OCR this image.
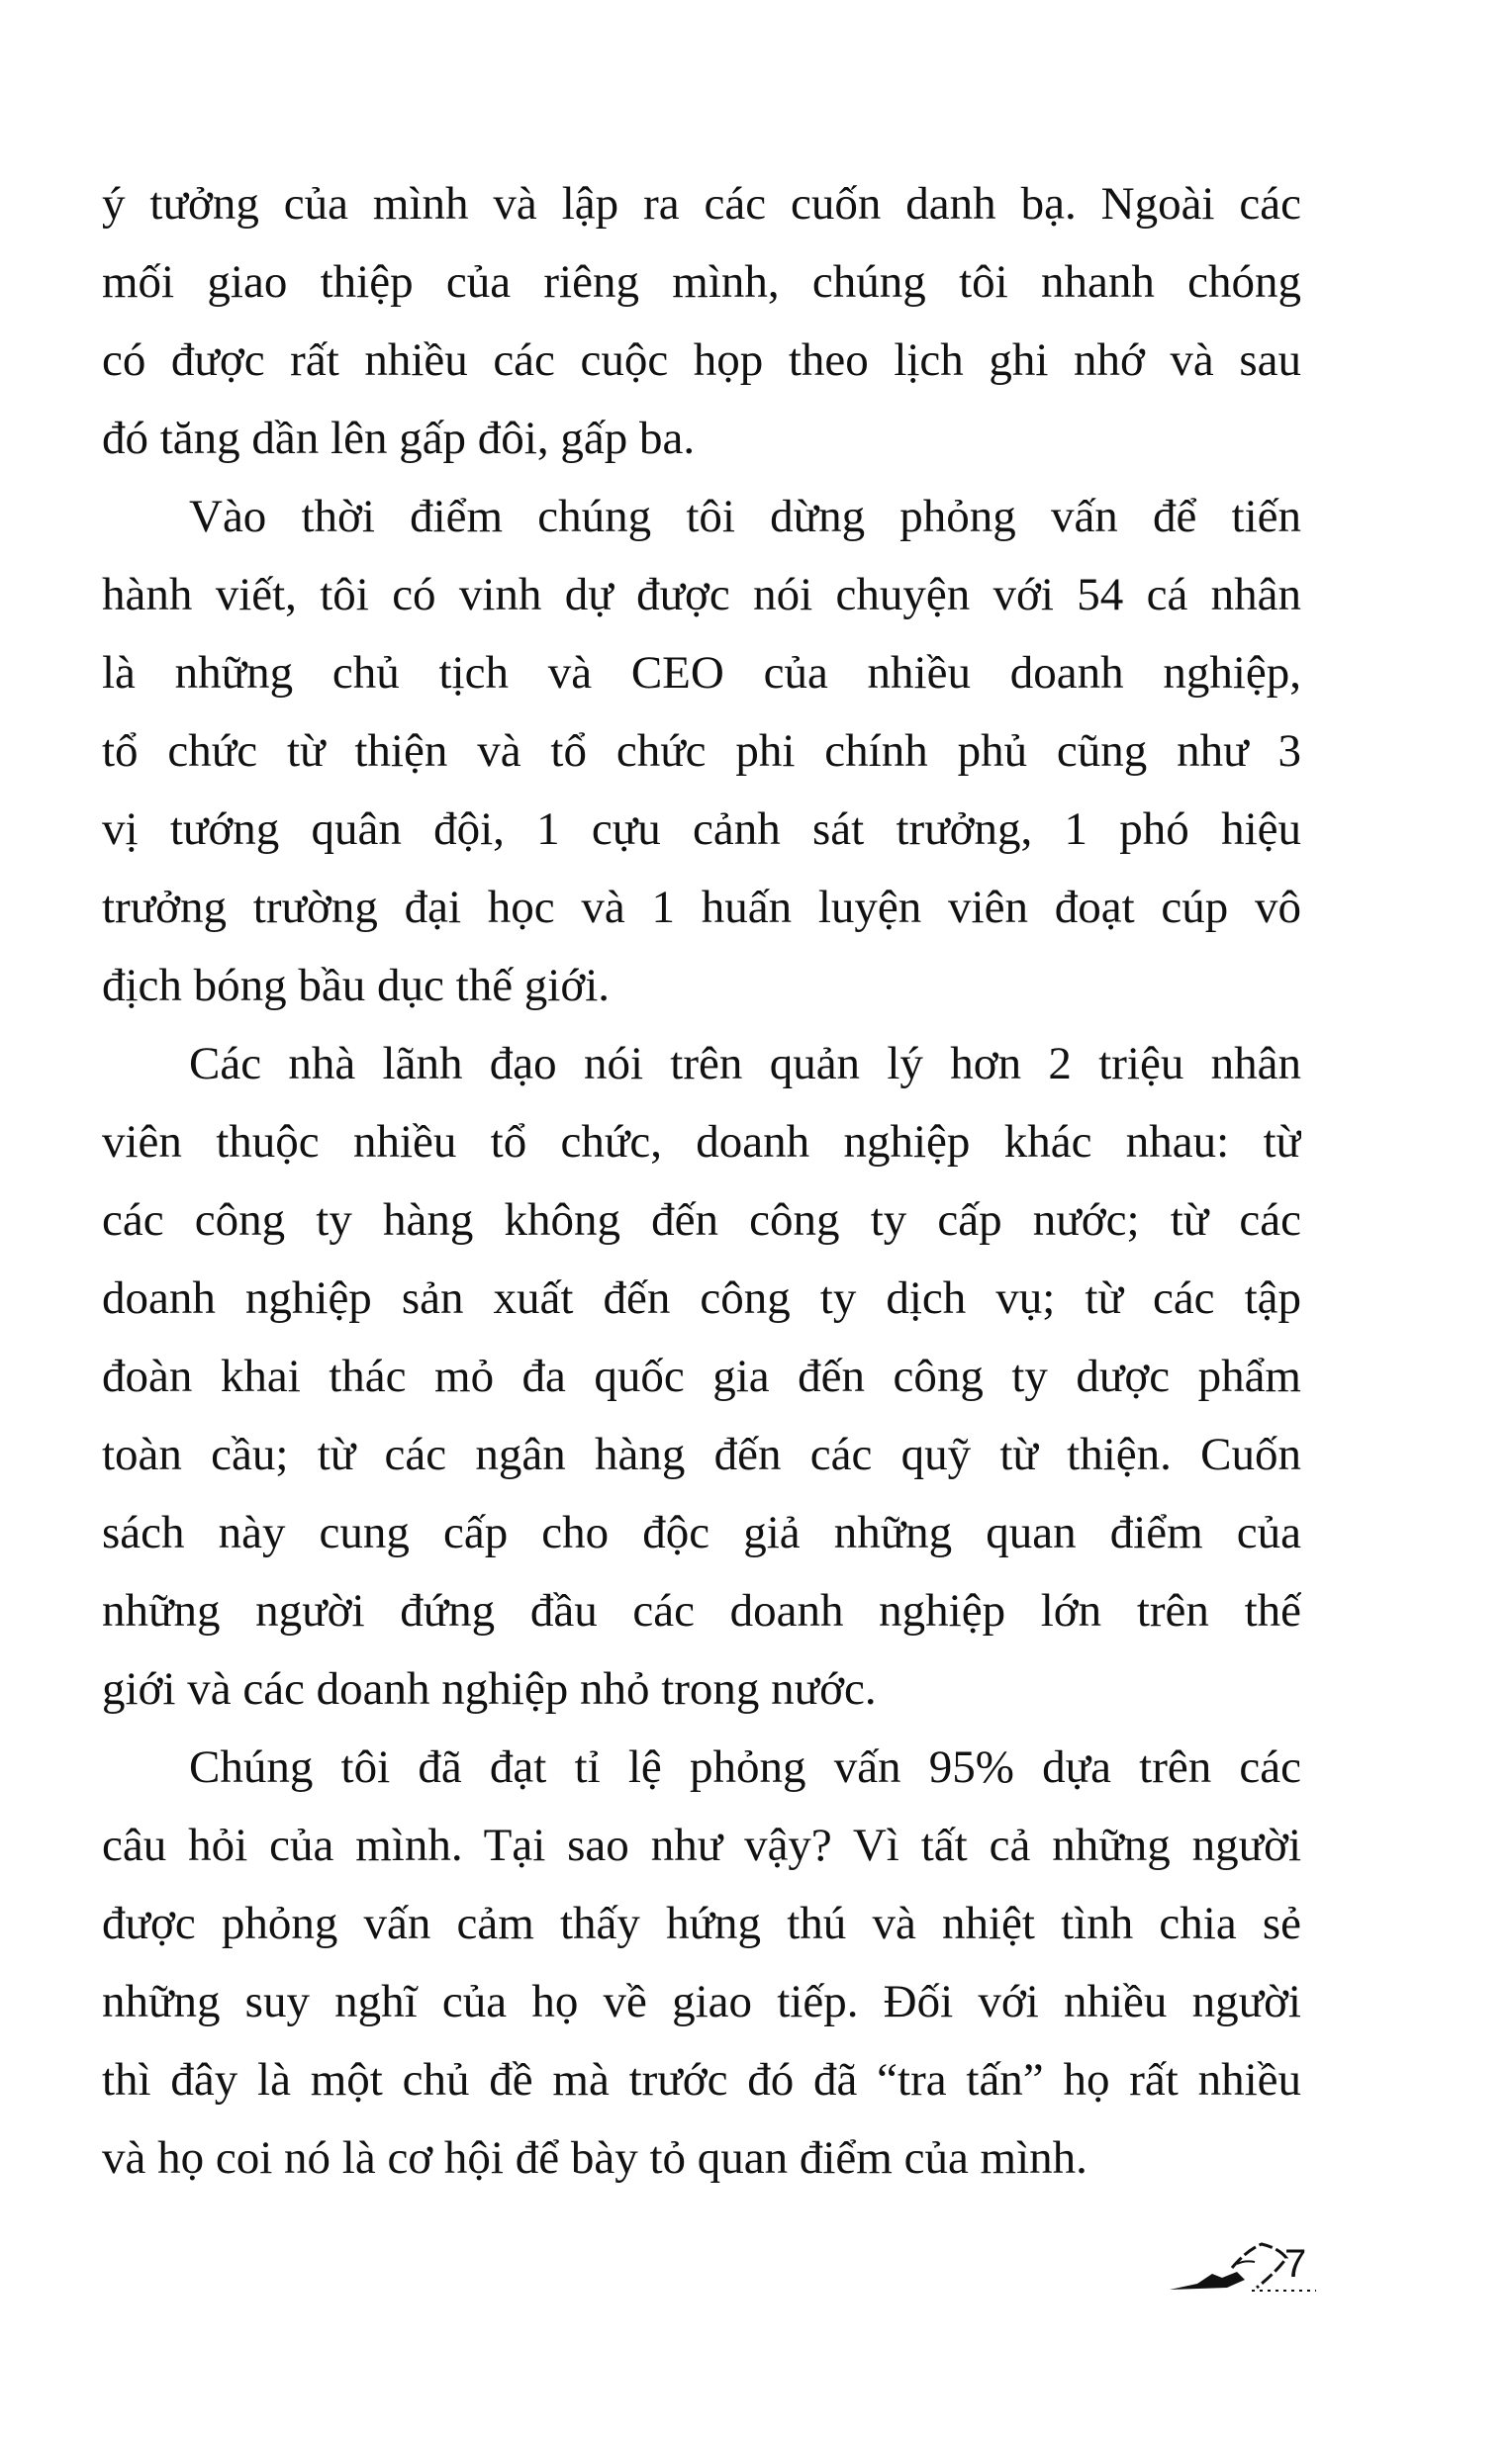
ý tưởng của mình và lập ra các cuốn danh bạ. Ngoài các
mối giao thiệp của riêng mình, chúng tôi nhanh chóng
có được rất nhiều các cuộc họp theo lịch ghi nhớ và sau
đó tăng dần lên gấp đôi, gấp ba.
Vào thời điểm chúng tôi dừng phỏng vấn để tiến
hành viết, tôi có vinh dự được nói chuyện với 54 cá nhân
là những chủ tịch và CEO của nhiều doanh nghiệp,
tổ chức từ thiện và tổ chức phi chính phủ cũng như 3
vị tướng quân đội, 1 cựu cảnh sát trưởng, 1 phó hiệu
trưởng trường đại học và 1 huấn luyện viên đoạt cúp vô
địch bóng bầu dục thế giới.
Các nhà lãnh đạo nói trên quản lý hơn 2 triệu nhân
viên thuộc nhiều tổ chức, doanh nghiệp khác nhau: từ
các công ty hàng không đến công ty cấp nước; từ các
doanh nghiệp sản xuất đến công ty dịch vụ; từ các tập
đoàn khai thác mỏ đa quốc gia đến công ty dược phẩm
toàn cầu; từ các ngân hàng đến các quỹ từ thiện. Cuốn
sách này cung cấp cho độc giả những quan điểm của
những người đứng đầu các doanh nghiệp lớn trên thế
giới và các doanh nghiệp nhỏ trong nước.
Chúng tôi đã đạt tỉ lệ phỏng vấn 95% dựa trên các
câu hỏi của mình. Tại sao như vậy? Vì tất cả những người
được phỏng vấn cảm thấy hứng thú và nhiệt tình chia sẻ
những suy nghĩ của họ về giao tiếp. Đối với nhiều người
thì đây là một chủ đề mà trước đó đã “tra tấn” họ rất nhiều
và họ coi nó là cơ hội để bày tỏ quan điểm của mình.
7
